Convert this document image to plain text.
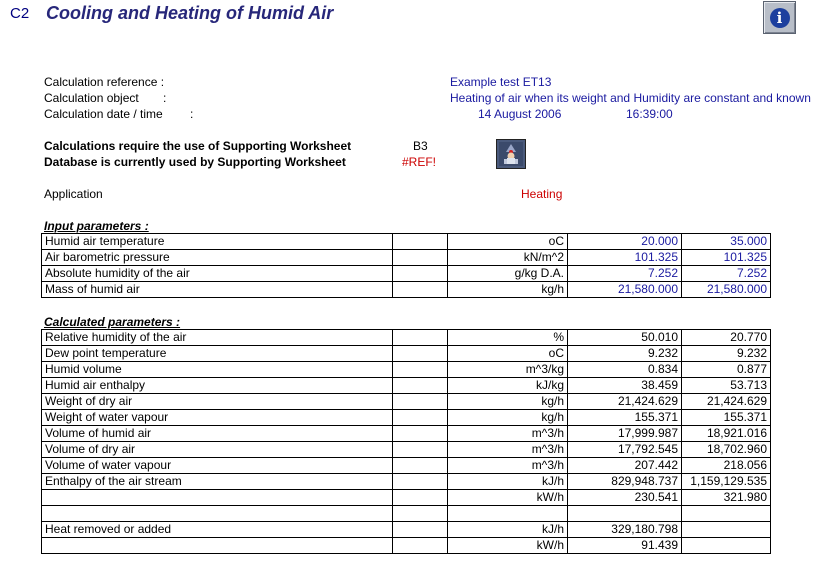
C2 Cooling and Heating of Humid Air	i
Calculation reference :	Example test ET13
Calculation object :	Heating of air when its weight and Humidity are constant and known
Calculation date / time :	14 August 2006	16:39:00
Calculations require the use of Supporting Worksheet	B3
Database is currently used by Supporting Worksheet	#REF!
Application	Heating
Input parameters :
Humid air temperature		oC	20.000	35.000
Air barometric pressure		kN/m^2	101.325	101.325
Absolute humidity of the air		g/kg D.A.	7.252	7.252
Mass of humid air		kg/h	21,580.000	21,580.000
Calculated parameters :
Relative humidity of the air		%	50.010	20.770
Dew point temperature		oC	9.232	9.232
Humid volume		m^3/kg	0.834	0.877
Humid air enthalpy		kJ/kg	38.459	53.713
Weight of dry air		kg/h	21,424.629	21,424.629
Weight of water vapour		kg/h	155.371	155.371
Volume of humid air		m^3/h	17,999.987	18,921.016
Volume of dry air		m^3/h	17,792.545	18,702.960
Volume of water vapour		m^3/h	207.442	218.056
Enthalpy of the air stream		kJ/h	829,948.737	1,159,129.535
		kW/h	230.541	321.980

Heat removed or added		kJ/h	329,180.798	
		kW/h	91.439	
